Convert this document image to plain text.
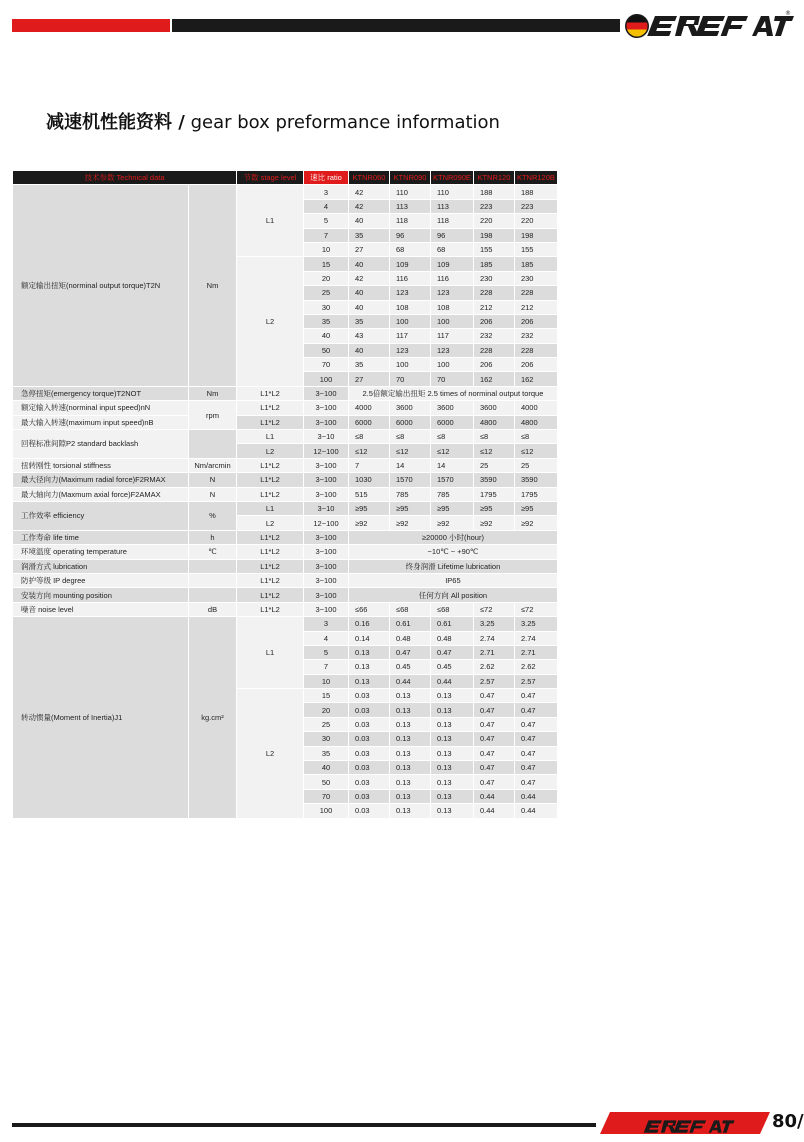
®
减速机性能资料 / gear box preformance information
技术参数 Technical data		节数 stage level	速比 ratio	KTNR060	KTNR090	KTNR090E	KTNR120	KTNR120B
额定输出扭矩(norminal output torque)T2N	Nm	L1	3	42	110	110	188	188
			4	42	113	113	223	223
			5	40	118	118	220	220
			7	35	96	96	198	198
			10	27	68	68	155	155
		L2	15	40	109	109	185	185
			20	42	116	116	230	230
			25	40	123	123	228	228
			30	40	108	108	212	212
			35	35	100	100	206	206
			40	43	117	117	232	232
			50	40	123	123	228	228
			70	35	100	100	206	206
			100	27	70	70	162	162
急停扭矩(emergency torque)T2NOT	Nm	L1*L2	3~100	2.5倍额定输出扭矩 2.5 times of norminal output torque				
额定输入转速(norminal input speed)nN	rpm	L1*L2	3~100	4000	3600	3600	3600	4000
最大输入转速(maximum input speed)nB		L1*L2	3~100	6000	6000	6000	4800	4800
回程标准间隙P2 standard backlash		L1	3~10	≤8	≤8	≤8	≤8	≤8
		L2	12~100	≤12	≤12	≤12	≤12	≤12
扭转刚性 torsional stiffness	Nm/arcmin	L1*L2	3~100	7	14	14	25	25
最大径向力(Maximum radial force)F2RMAX	N	L1*L2	3~100	1030	1570	1570	3590	3590
最大轴向力(Maxmum axial force)F2AMAX	N	L1*L2	3~100	515	785	785	1795	1795
工作效率 efficiency	%	L1	3~10	≥95	≥95	≥95	≥95	≥95
		L2	12~100	≥92	≥92	≥92	≥92	≥92
工作寿命 life time	h	L1*L2	3~100	≥20000 小时(hour)				
环境温度 operating temperature	℃	L1*L2	3~100	−10℃ ~ +90℃				
润滑方式 lubrication		L1*L2	3~100	终身润滑 Lifetime lubrication				
防护等级 IP degree		L1*L2	3~100	IP65				
安装方向 mounting position		L1*L2	3~100	任何方向 All position				
噪音 noise level	dB	L1*L2	3~100	≤66	≤68	≤68	≤72	≤72
转动惯量(Moment of Inertia)J1	kg.cm²	L1	3	0.16	0.61	0.61	3.25	3.25
			4	0.14	0.48	0.48	2.74	2.74
			5	0.13	0.47	0.47	2.71	2.71
			7	0.13	0.45	0.45	2.62	2.62
			10	0.13	0.44	0.44	2.57	2.57
		L2	15	0.03	0.13	0.13	0.47	0.47
			20	0.03	0.13	0.13	0.47	0.47
			25	0.03	0.13	0.13	0.47	0.47
			30	0.03	0.13	0.13	0.47	0.47
			35	0.03	0.13	0.13	0.47	0.47
			40	0.03	0.13	0.13	0.47	0.47
			50	0.03	0.13	0.13	0.47	0.47
			70	0.03	0.13	0.13	0.44	0.44
			100	0.03	0.13	0.13	0.44	0.44
80/
